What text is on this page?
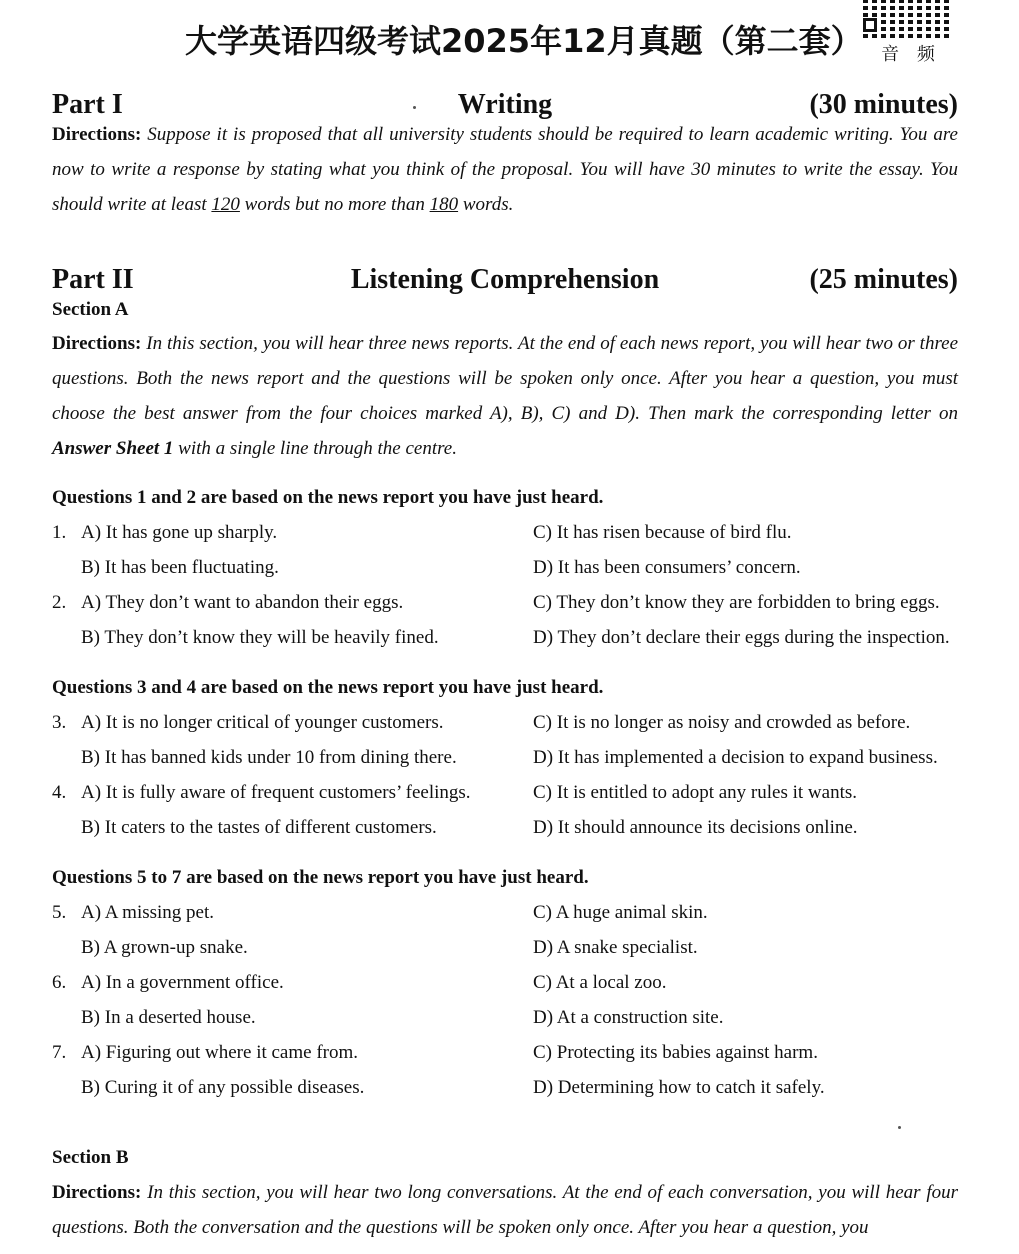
大学英语四级考试2025年12月真题（第二套） 音 频
Writing
Part I	(30 minutes)
Directions: Suppose it is proposed that all university students should be required to learn academic writing. You are now to write a response by stating what you think of the proposal. You will have 30 minutes to write the essay. You should write at least 120 words but no more than 180 words.
Listening Comprehension
Part II	(25 minutes)
Section A
Directions: In this section, you will hear three news reports. At the end of each news report, you will hear two or three questions. Both the news report and the questions will be spoken only once. After you hear a question, you must choose the best answer from the four choices marked A), B), C) and D). Then mark the corresponding letter on Answer Sheet 1 with a single line through the centre.
Questions 1 and 2 are based on the news report you have just heard.
1. A) It has gone up sharply.	C) It has risen because of bird flu.
B) It has been fluctuating.	D) It has been consumers’ concern.
2. A) They don’t want to abandon their eggs.	C) They don’t know they are forbidden to bring eggs.
B) They don’t know they will be heavily fined.	D) They don’t declare their eggs during the inspection.
Questions 3 and 4 are based on the news report you have just heard.
3. A) It is no longer critical of younger customers.	C) It is no longer as noisy and crowded as before.
B) It has banned kids under 10 from dining there.	D) It has implemented a decision to expand business.
4. A) It is fully aware of frequent customers’ feelings.	C) It is entitled to adopt any rules it wants.
B) It caters to the tastes of different customers.	D) It should announce its decisions online.
Questions 5 to 7 are based on the news report you have just heard.
5. A) A missing pet.	C) A huge animal skin.
B) A grown-up snake.	D) A snake specialist.
6. A) In a government office.	C) At a local zoo.
B) In a deserted house.	D) At a construction site.
7. A) Figuring out where it came from.	C) Protecting its babies against harm.
B) Curing it of any possible diseases.	D) Determining how to catch it safely.
Section B
Directions: In this section, you will hear two long conversations. At the end of each conversation, you will hear four questions. Both the conversation and the questions will be spoken only once. After you hear a question, you
